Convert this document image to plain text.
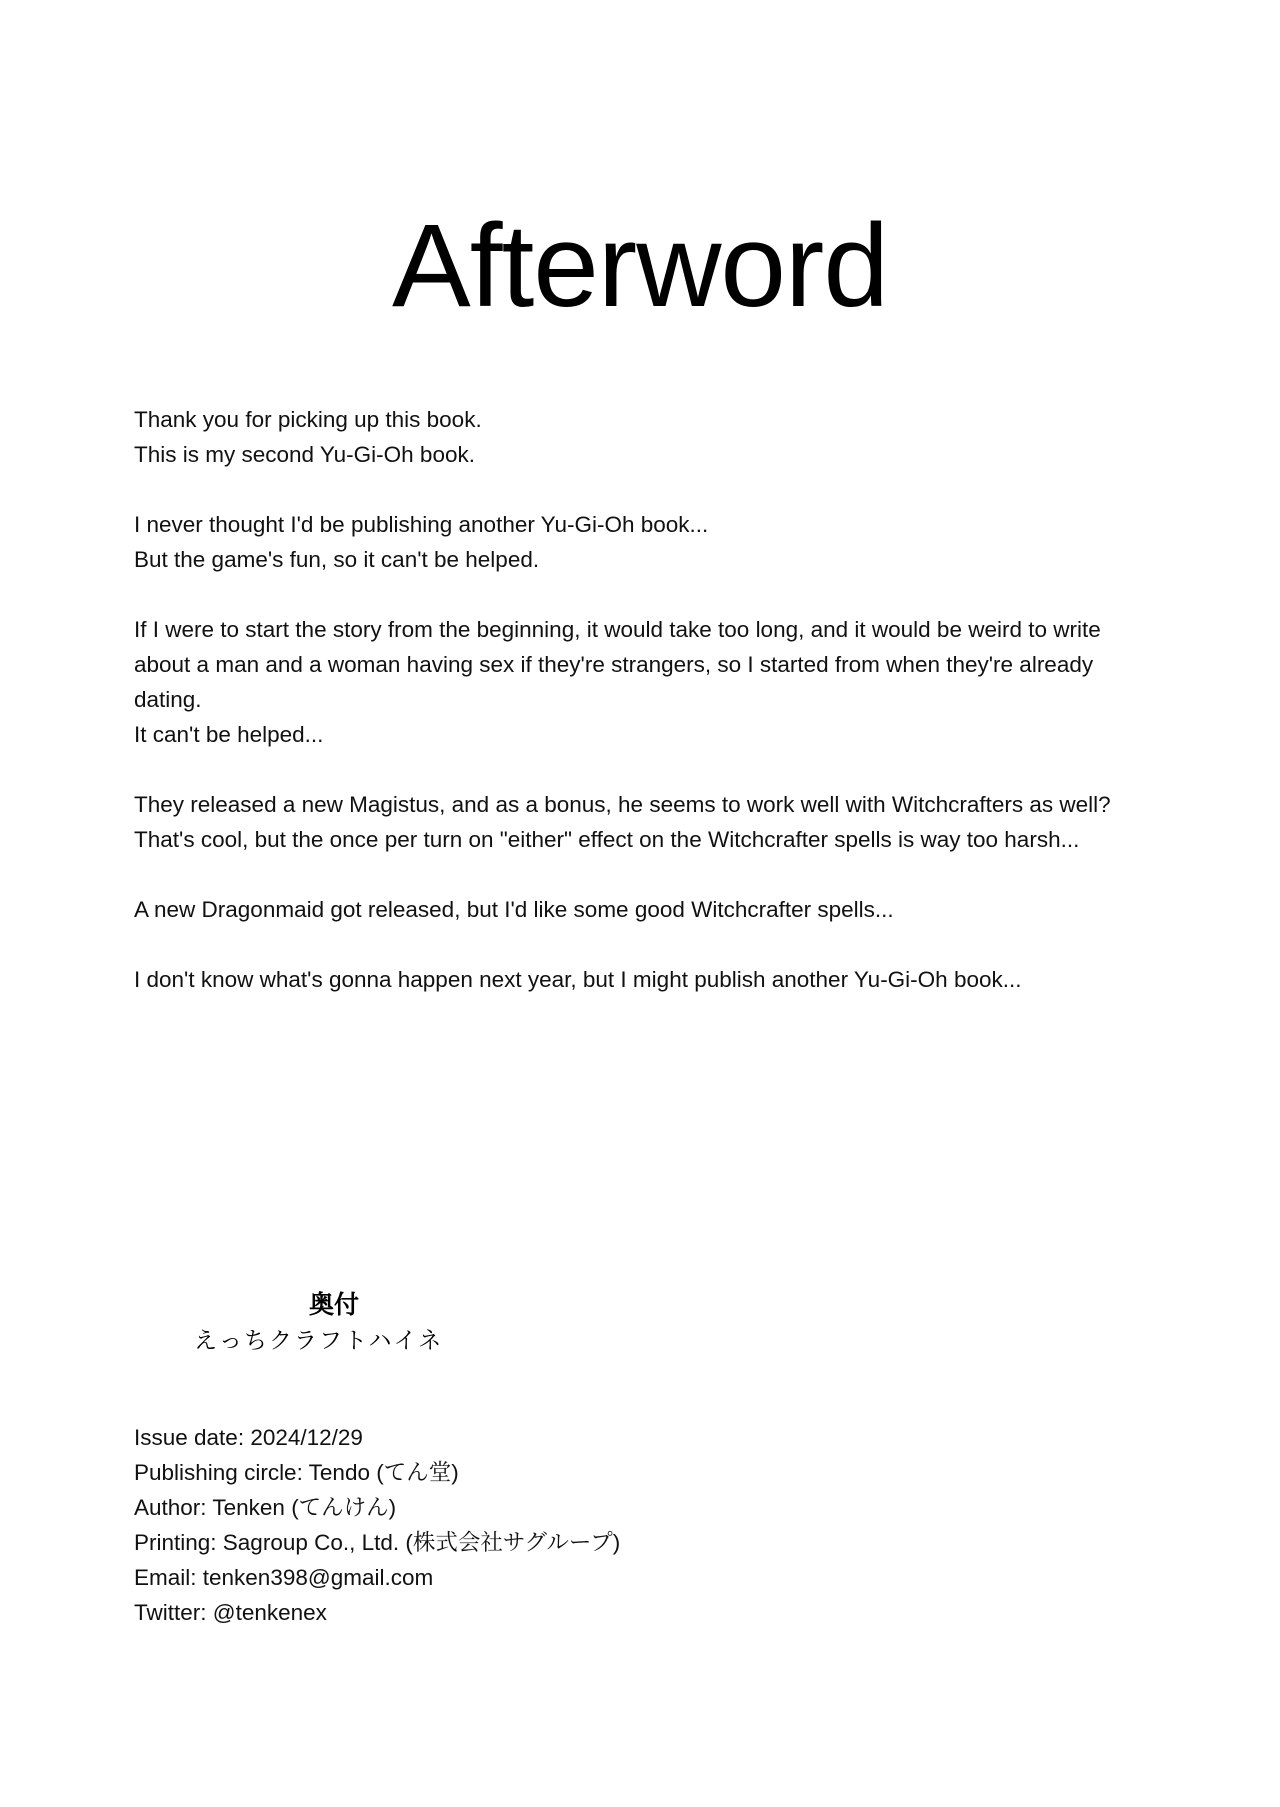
Afterword

Thank you for picking up this book.
This is my second Yu-Gi-Oh book.

I never thought I'd be publishing another Yu-Gi-Oh book...
But the game's fun, so it can't be helped.

If I were to start the story from the beginning, it would take too long, and it would be weird to write about a man and a woman having sex if they're strangers, so I started from when they're already dating.
It can't be helped...

They released a new Magistus, and as a bonus, he seems to work well with Witchcrafters as well? That's cool, but the once per turn on "either" effect on the Witchcrafter spells is way too harsh...

A new Dragonmaid got released, but I'd like some good Witchcrafter spells...

I don't know what's gonna happen next year, but I might publish another Yu-Gi-Oh book...

奥付
えっちクラフトハイネ
Issue date: 2024/12/29
Publishing circle: Tendo (てん堂)
Author: Tenken (てんけん)
Printing: Sagroup Co., Ltd. (株式会社サグループ)
Email: tenken398@gmail.com
Twitter: @tenkenex
